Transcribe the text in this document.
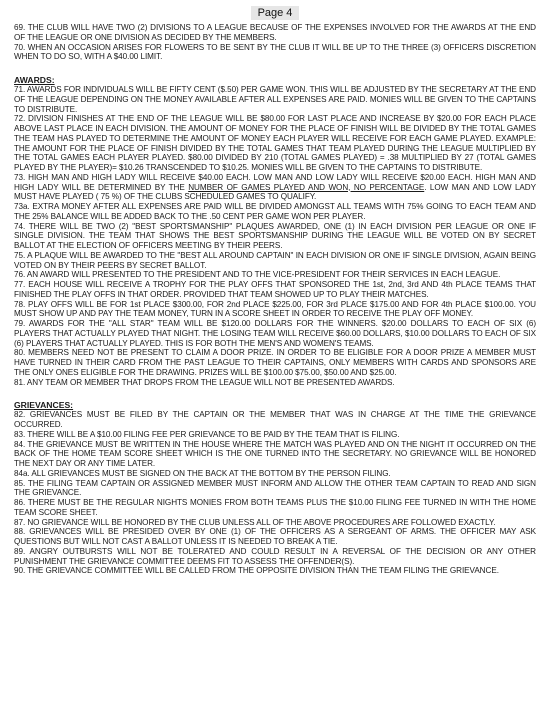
Page 4

69. THE CLUB WILL HAVE TWO (2) DIVISIONS TO A LEAGUE BECAUSE OF THE EXPENSES INVOLVED FOR THE AWARDS AT THE END OF THE LEAGUE OR ONE DIVISION AS DECIDED BY THE MEMBERS.

70. WHEN AN OCCASION ARISES FOR FLOWERS TO BE SENT BY THE CLUB IT WILL BE UP TO THE THREE (3) OFFICERS DISCRETION WHEN TO DO SO, WITH A $40.00 LIMIT.

AWARDS:

71. AWARDS FOR INDIVIDUALS WILL BE FIFTY CENT ($.50) PER GAME WON. THIS WILL BE ADJUSTED BY THE SECRETARY AT THE END OF THE LEAGUE DEPENDING ON THE MONEY AVAILABLE AFTER ALL EXPENSES ARE PAID. MONIES WILL BE GIVEN TO THE CAPTAINS TO DISTRIBUTE.

72. DIVISION FINISHES AT THE END OF THE LEAGUE WILL BE $80.00 FOR LAST PLACE AND INCREASE BY $20.00 FOR EACH PLACE ABOVE LAST PLACE IN EACH DIVISION. THE AMOUNT OF MONEY FOR THE PLACE OF FINISH WILL BE DIVIDED BY THE TOTAL GAMES THE TEAM HAS PLAYED TO DETERMINE THE AMOUNT OF MONEY EACH PLAYER WILL RECEIVE FOR EACH GAME PLAYED. EXAMPLE: THE AMOUNT FOR THE PLACE OF FINISH DIVIDED BY THE TOTAL GAMES THAT TEAM PLAYED DURING THE LEAGUE MULTIPLIED BY THE TOTAL GAMES EACH PLAYER PLAYED. $80.00 DIVIDED BY 210 (TOTAL GAMES PLAYED) = .38 MULTIPLIED BY 27 (TOTAL GAMES PLAYED BY THE PLAYER)= $10.26 TRANSCENDED TO $10.25. MONIES WILL BE GIVEN TO THE CAPTAINS TO DISTRIBUTE.

73. HIGH MAN AND HIGH LADY WILL RECEIVE $40.00 EACH. LOW MAN AND LOW LADY WILL RECEIVE $20.00 EACH. HIGH MAN AND HIGH LADY WILL BE DETERMINED BY THE NUMBER OF GAMES PLAYED AND WON, NO PERCENTAGE. LOW MAN AND LOW LADY MUST HAVE PLAYED ( 75 %) OF THE CLUBS SCHEDULED GAMES TO QUALIFY.

73a. EXTRA MONEY AFTER ALL EXPENSES ARE PAID WILL BE DIVIDED AMONGST ALL TEAMS WITH 75% GOING TO EACH TEAM AND THE 25% BALANCE WILL BE ADDED BACK TO THE .50 CENT PER GAME WON PER PLAYER.

74. THERE WILL BE TWO (2) "BEST SPORTSMANSHIP" PLAQUES AWARDED, ONE (1) IN EACH DIVISION PER LEAGUE OR ONE IF SINGLE DIVISION. THE TEAM THAT SHOWS THE BEST SPORTSMANSHIP DURING THE LEAGUE WILL BE VOTED ON BY SECRET BALLOT AT THE ELECTION OF OFFICERS MEETING BY THEIR PEERS.

75. A PLAQUE WILL BE AWARDED TO THE "BEST ALL AROUND CAPTAIN" IN EACH DIVISION OR ONE IF SINGLE DIVISION, AGAIN BEING VOTED ON BY THEIR PEERS BY SECRET BALLOT.

76. AN AWARD WILL PRESENTED TO THE PRESIDENT AND TO THE VICE-PRESIDENT FOR THEIR SERVICES IN EACH LEAGUE.

77. EACH HOUSE WILL RECEIVE A TROPHY FOR THE PLAY OFFS THAT SPONSORED THE 1st, 2nd, 3rd AND 4th PLACE TEAMS THAT FINISHED THE PLAY OFFS IN THAT ORDER. PROVIDED THAT TEAM SHOWED UP TO PLAY THEIR MATCHES.

78. PLAY OFFS WILL BE FOR 1st PLACE $300.00, FOR 2nd PLACE $225.00, FOR 3rd PLACE $175.00 AND FOR 4th PLACE $100.00. YOU MUST SHOW UP AND PAY THE TEAM MONEY, TURN IN A SCORE SHEET IN ORDER TO RECEIVE THE PLAY OFF MONEY.

79. AWARDS FOR THE "ALL STAR" TEAM WILL BE $120.00 DOLLARS FOR THE WINNERS. $20.00 DOLLARS TO EACH OF SIX (6) PLAYERS THAT ACTUALLY PLAYED THAT NIGHT. THE LOSING TEAM WILL RECEIVE $60.00 DOLLARS, $10.00 DOLLARS TO EACH OF SIX (6) PLAYERS THAT ACTUALLY PLAYED. THIS IS FOR BOTH THE MEN'S AND WOMEN'S TEAMS.

80. MEMBERS NEED NOT BE PRESENT TO CLAIM A DOOR PRIZE. IN ORDER TO BE ELIGIBLE FOR A DOOR PRIZE A MEMBER MUST HAVE TURNED IN THEIR CARD FROM THE PAST LEAGUE TO THEIR CAPTAINS, ONLY MEMBERS WITH CARDS AND SPONSORS ARE THE ONLY ONES ELIGIBLE FOR THE DRAWING. PRIZES WILL BE $100.00 $75.00, $50.00 AND $25.00.

81. ANY TEAM OR MEMBER THAT DROPS FROM THE LEAGUE WILL NOT BE PRESENTED AWARDS.

GRIEVANCES:

82. GRIEVANCES MUST BE FILED BY THE CAPTAIN OR THE MEMBER THAT WAS IN CHARGE AT THE TIME THE GRIEVANCE OCCURRED.

83. THERE WILL BE A $10.00 FILING FEE PER GRIEVANCE TO BE PAID BY THE TEAM THAT IS FILING.

84. THE GRIEVANCE MUST BE WRITTEN IN THE HOUSE WHERE THE MATCH WAS PLAYED AND ON THE NIGHT IT OCCURRED ON THE BACK OF THE HOME TEAM SCORE SHEET WHICH IS THE ONE TURNED INTO THE SECRETARY. NO GRIEVANCE WILL BE HONORED THE NEXT DAY OR ANY TIME LATER.

84a. ALL GRIEVANCES MUST BE SIGNED ON THE BACK AT THE BOTTOM BY THE PERSON FILING.

85. THE FILING TEAM CAPTAIN OR ASSIGNED MEMBER MUST INFORM AND ALLOW THE OTHER TEAM CAPTAIN TO READ AND SIGN THE GRIEVANCE.

86. THERE MUST BE THE REGULAR NIGHTS MONIES FROM BOTH TEAMS PLUS THE $10.00 FILING FEE TURNED IN WITH THE HOME TEAM SCORE SHEET.

87. NO GRIEVANCE WILL BE HONORED BY THE CLUB UNLESS ALL OF THE ABOVE PROCEDURES ARE FOLLOWED EXACTLY.

88. GRIEVANCES WILL BE PRESIDED OVER BY ONE (1) OF THE OFFICERS AS A SERGEANT OF ARMS. THE OFFICER MAY ASK QUESTIONS BUT WILL NOT CAST A BALLOT UNLESS IT IS NEEDED TO BREAK A TIE.

89. ANGRY OUTBURSTS WILL NOT BE TOLERATED AND COULD RESULT IN A REVERSAL OF THE DECISION OR ANY OTHER PUNISHMENT THE GRIEVANCE COMMITTEE DEEMS FIT TO ASSESS THE OFFENDER(S).

90. THE GRIEVANCE COMMITTEE WILL BE CALLED FROM THE OPPOSITE DIVISION THAN THE TEAM FILING THE GRIEVANCE.
